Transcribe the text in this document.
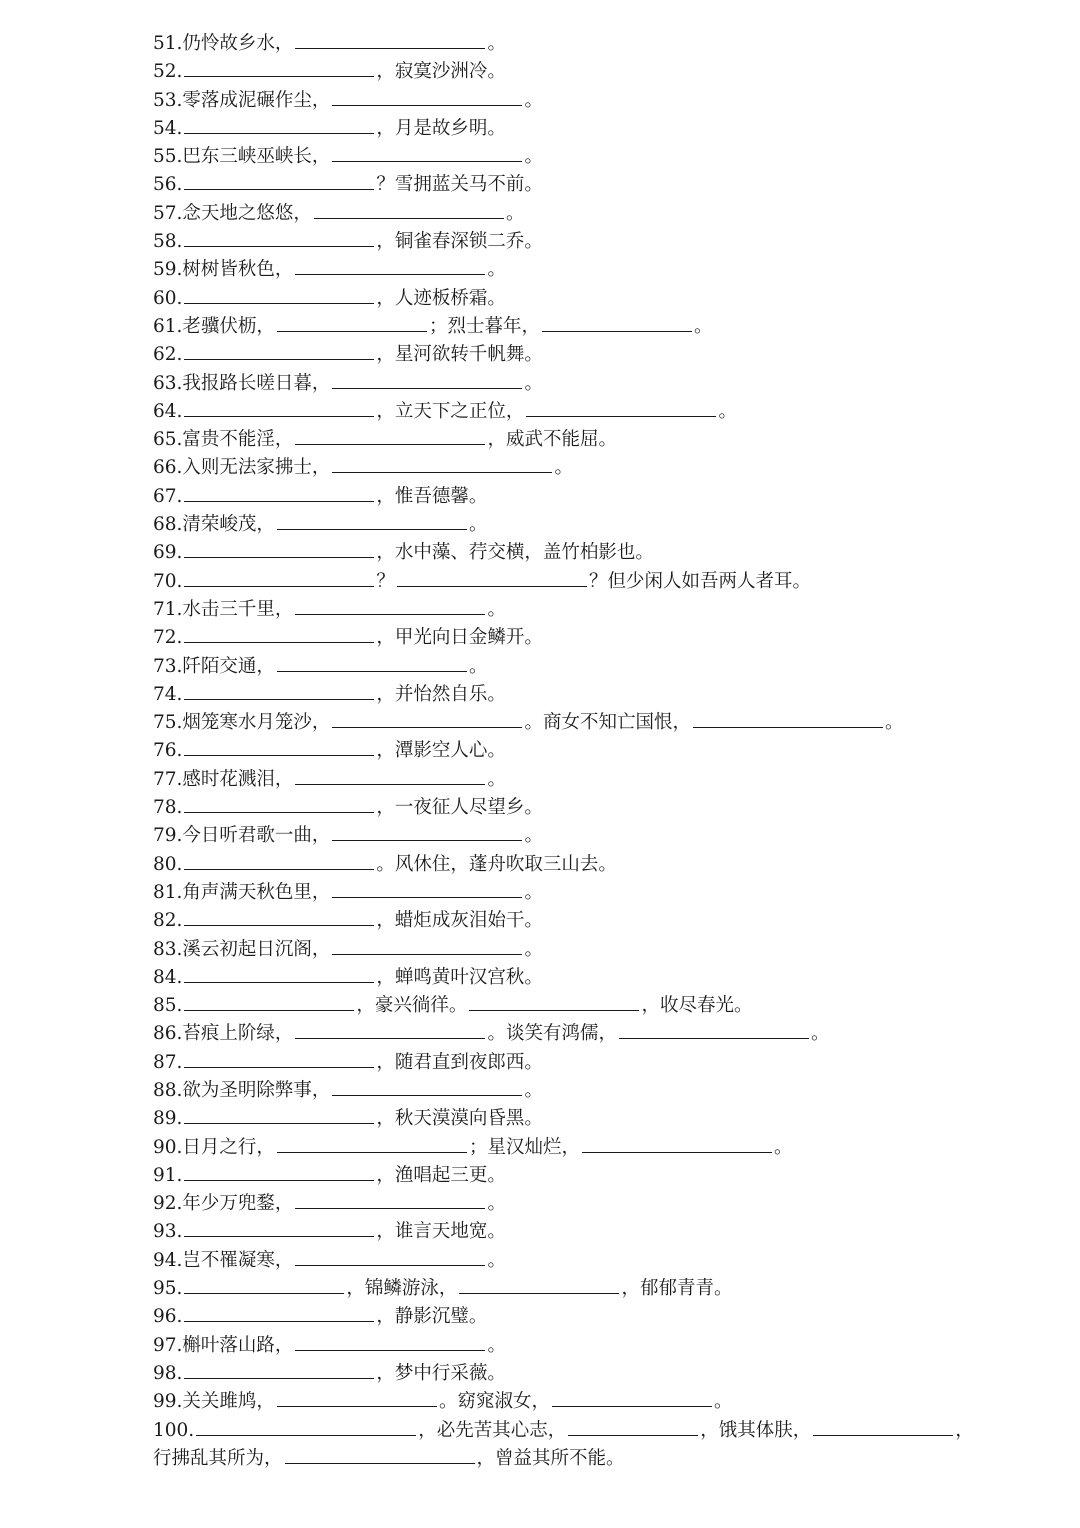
51.仍怜故乡水，	。
52.	，寂寞沙洲冷。
53.零落成泥碾作尘，	。
54.	，月是故乡明。
55.巴东三峡巫峡长，	。
56.	？雪拥蓝关马不前。
57.念天地之悠悠，	。
58.	，铜雀春深锁二乔。
59.树树皆秋色，	。
60.	，人迹板桥霜。
61.老骥伏枥，	；烈士暮年，	。
62.	，星河欲转千帆舞。
63.我报路长嗟日暮，	。
64.	，立天下之正位，	。
65.富贵不能淫，	，威武不能屈。
66.入则无法家拂士，	。
67.	，惟吾德馨。
68.清荣峻茂，	。
69.	，水中藻、荇交横，盖竹柏影也。
70.	？	？但少闲人如吾两人者耳。
71.水击三千里，	。
72.	，甲光向日金鳞开。
73.阡陌交通，	。
74.	，并怡然自乐。
75.烟笼寒水月笼沙，	。商女不知亡国恨，	。
76.	，潭影空人心。
77.感时花溅泪，	。
78.	，一夜征人尽望乡。
79.今日听君歌一曲，	。
80.	。风休住，蓬舟吹取三山去。
81.角声满天秋色里，	。
82.	，蜡炬成灰泪始干。
83.溪云初起日沉阁，	。
84.	，蝉鸣黄叶汉宫秋。
85.	，豪兴徜徉。	，收尽春光。
86.苔痕上阶绿，	。谈笑有鸿儒，	。
87.	，随君直到夜郎西。
88.欲为圣明除弊事，	。
89.	，秋天漠漠向昏黑。
90.日月之行，	；星汉灿烂，	。
91.	，渔唱起三更。
92.年少万兜鍪，	。
93.	，谁言天地宽。
94.岂不罹凝寒，	。
95.	，锦鳞游泳，	，郁郁青青。
96.	，静影沉璧。
97.槲叶落山路，	。
98.	，梦中行采薇。
99.关关雎鸠，	。窈窕淑女，	。
100.	，必先苦其心志，	，饿其体肤，	，
行拂乱其所为，	，曾益其所不能。
